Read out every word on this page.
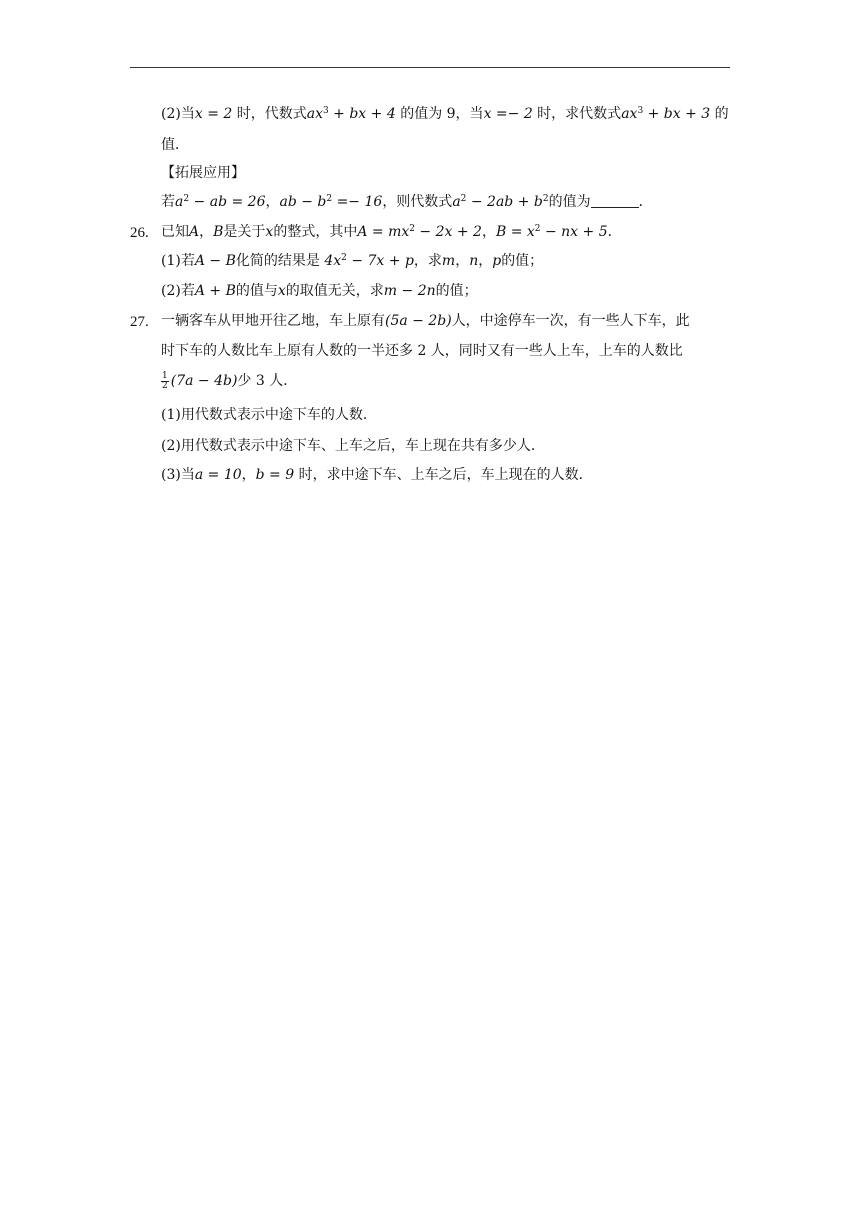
(2)当x = 2 时，代数式$ax^3$ + bx + 4 的值为 9，当x =− 2 时，求代数式$ax^3$ + bx + 3 的
值．
【拓展应用】
若$a^2$ − ab = 26，ab − $b^2 =- 16$，则代数式$a^2 - 2ab + b^2$的值为	．
26. 已知A，B是关于x的整式，其中$A = mx^2 - 2x + 2$，$B = x^2$ − nx + 5．
(1)若A − B化简的结果是 $4x^2 - 7x + p$，求m，n，p的值；
(2)若A + B的值与x的取值无关，求m − 2n的值；
27. 一辆客车从甲地开往乙地，车上原有(5a − 2b)人，中途停车一次，有一些人下车，此
时下车的人数比车上原有人数的一半还多 2 人，同时又有一些人上车，上车的人数比
$\frac{1}{2} (7a - 4b)$少 3 人．
(1)用代数式表示中途下车的人数．
(2)用代数式表示中途下车、上车之后，车上现在共有多少人．
(3)当a = 10，b = 9 时，求中途下车、上车之后，车上现在的人数．
